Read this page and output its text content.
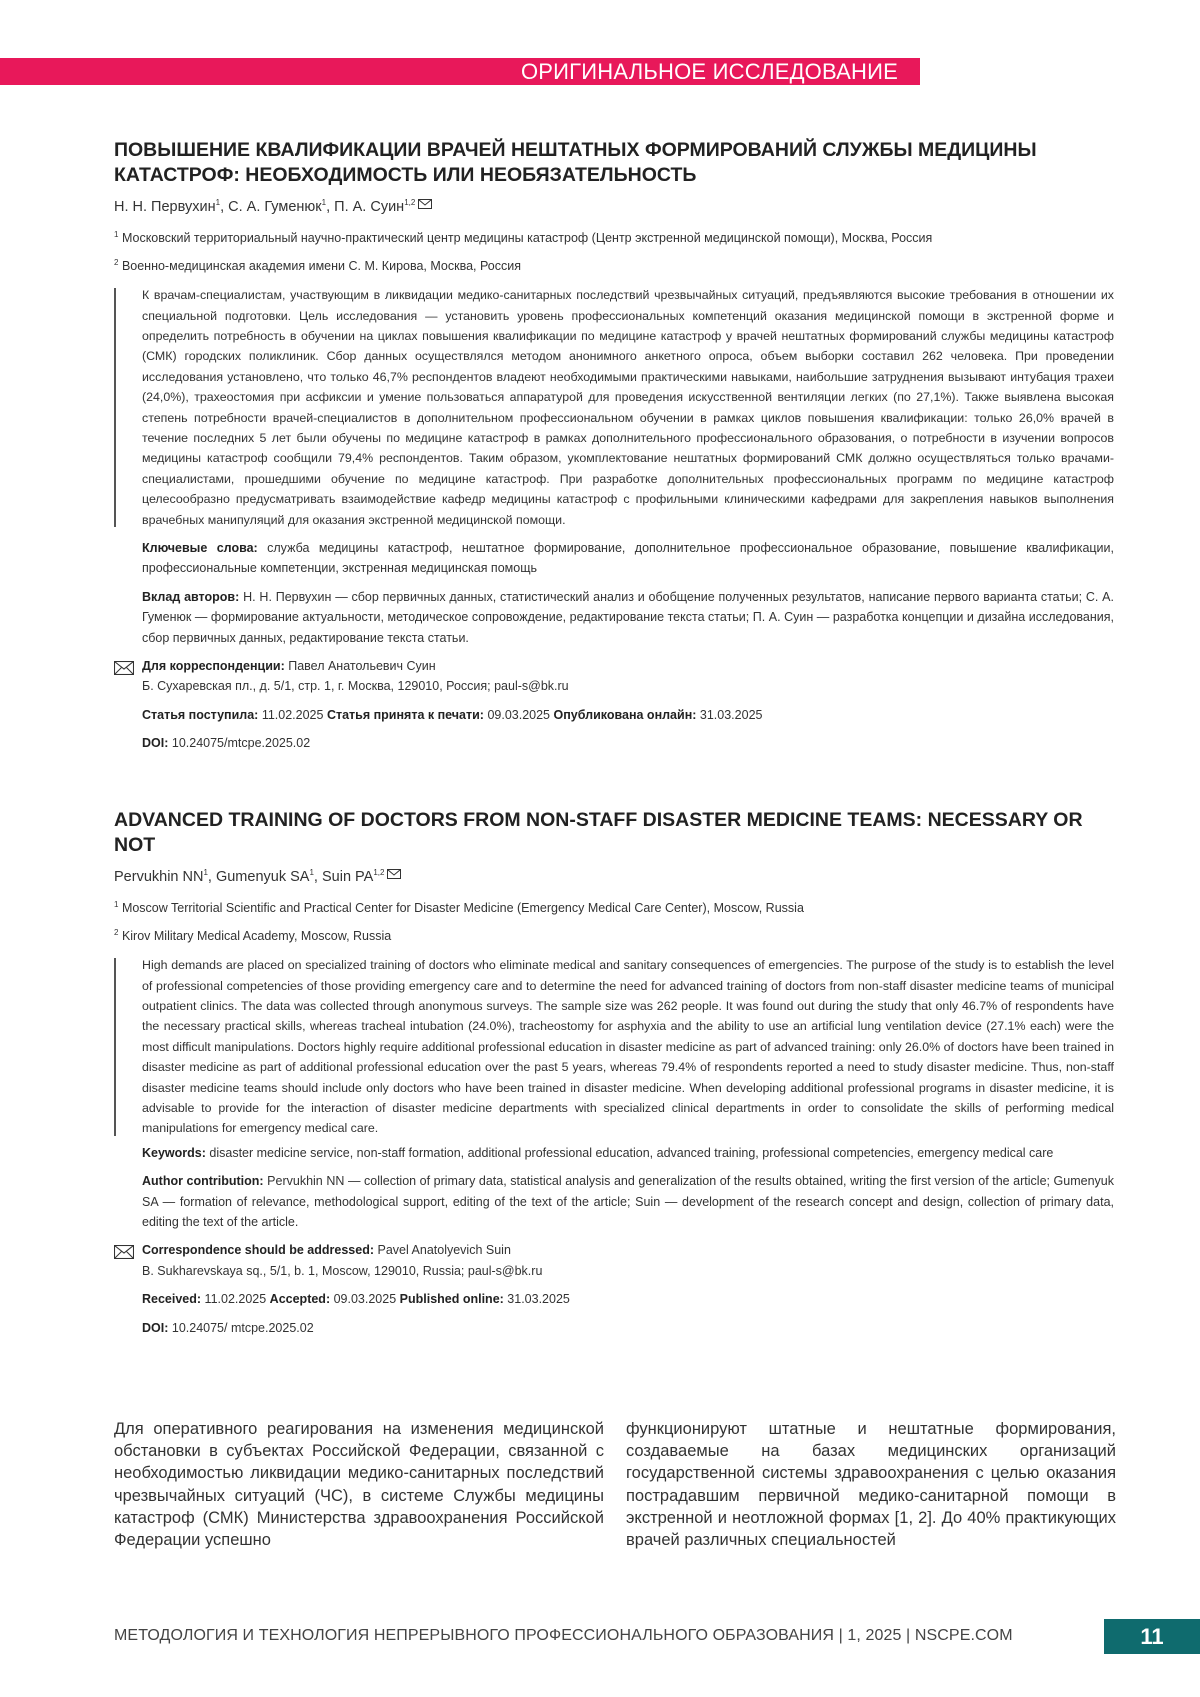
ОРИГИНАЛЬНОЕ ИССЛЕДОВАНИЕ
ПОВЫШЕНИЕ КВАЛИФИКАЦИИ ВРАЧЕЙ НЕШТАТНЫХ ФОРМИРОВАНИЙ СЛУЖБЫ МЕДИЦИНЫ КАТАСТРОФ: НЕОБХОДИМОСТЬ ИЛИ НЕОБЯЗАТЕЛЬНОСТЬ
Н. Н. Первухин1, С. А. Гуменюк1, П. А. Суин1,2
1 Московский территориальный научно-практический центр медицины катастроф (Центр экстренной медицинской помощи), Москва, Россия
2 Военно-медицинская академия имени С. М. Кирова, Москва, Россия
К врачам-специалистам, участвующим в ликвидации медико-санитарных последствий чрезвычайных ситуаций, предъявляются высокие требования в отношении их специальной подготовки. Цель исследования — установить уровень профессиональных компетенций оказания медицинской помощи в экстренной форме и определить потребность в обучении на циклах повышения квалификации по медицине катастроф у врачей нештатных формирований службы медицины катастроф (СМК) городских поликлиник. Сбор данных осуществлялся методом анонимного анкетного опроса, объем выборки составил 262 человека. При проведении исследования установлено, что только 46,7% респондентов владеют необходимыми практическими навыками, наибольшие затруднения вызывают интубация трахеи (24,0%), трахеостомия при асфиксии и умение пользоваться аппаратурой для проведения искусственной вентиляции легких (по 27,1%). Также выявлена высокая степень потребности врачей-специалистов в дополнительном профессиональном обучении в рамках циклов повышения квалификации: только 26,0% врачей в течение последних 5 лет были обучены по медицине катастроф в рамках дополнительного профессионального образования, о потребности в изучении вопросов медицины катастроф сообщили 79,4% респондентов. Таким образом, укомплектование нештатных формирований СМК должно осуществляться только врачами-специалистами, прошедшими обучение по медицине катастроф. При разработке дополнительных профессиональных программ по медицине катастроф целесообразно предусматривать взаимодействие кафедр медицины катастроф с профильными клиническими кафедрами для закрепления навыков выполнения врачебных манипуляций для оказания экстренной медицинской помощи.
Ключевые слова: служба медицины катастроф, нештатное формирование, дополнительное профессиональное образование, повышение квалификации, профессиональные компетенции, экстренная медицинская помощь
Вклад авторов: Н. Н. Первухин — сбор первичных данных, статистический анализ и обобщение полученных результатов, написание первого варианта статьи; С. А. Гуменюк — формирование актуальности, методическое сопровождение, редактирование текста статьи; П. А. Суин — разработка концепции и дизайна исследования, сбор первичных данных, редактирование текста статьи.
Для корреспонденции: Павел Анатольевич Суин
Б. Сухаревская пл., д. 5/1, стр. 1, г. Москва, 129010, Россия; paul-s@bk.ru
Статья поступила: 11.02.2025 Статья принята к печати: 09.03.2025 Опубликована онлайн: 31.03.2025
DOI: 10.24075/mtcpe.2025.02
ADVANCED TRAINING OF DOCTORS FROM NON-STAFF DISASTER MEDICINE TEAMS: NECESSARY OR NOT
Pervukhin NN1, Gumenyuk SA1, Suin PA1,2
1 Moscow Territorial Scientific and Practical Center for Disaster Medicine (Emergency Medical Care Center), Moscow, Russia
2 Kirov Military Medical Academy, Moscow, Russia
High demands are placed on specialized training of doctors who eliminate medical and sanitary consequences of emergencies. The purpose of the study is to establish the level of professional competencies of those providing emergency care and to determine the need for advanced training of doctors from non-staff disaster medicine teams of municipal outpatient clinics. The data was collected through anonymous surveys. The sample size was 262 people. It was found out during the study that only 46.7% of respondents have the necessary practical skills, whereas tracheal intubation (24.0%), tracheostomy for asphyxia and the ability to use an artificial lung ventilation device (27.1% each) were the most difficult manipulations. Doctors highly require additional professional education in disaster medicine as part of advanced training: only 26.0% of doctors have been trained in disaster medicine as part of additional professional education over the past 5 years, whereas 79.4% of respondents reported a need to study disaster medicine. Thus, non-staff disaster medicine teams should include only doctors who have been trained in disaster medicine. When developing additional professional programs in disaster medicine, it is advisable to provide for the interaction of disaster medicine departments with specialized clinical departments in order to consolidate the skills of performing medical manipulations for emergency medical care.
Keywords: disaster medicine service, non-staff formation, additional professional education, advanced training, professional competencies, emergency medical care
Author contribution: Pervukhin NN — collection of primary data, statistical analysis and generalization of the results obtained, writing the first version of the article; Gumenyuk SA — formation of relevance, methodological support, editing of the text of the article; Suin — development of the research concept and design, collection of primary data, editing the text of the article.
Correspondence should be addressed: Pavel Anatolyevich Suin
B. Sukharevskaya sq., 5/1, b. 1, Moscow, 129010, Russia; paul-s@bk.ru
Received: 11.02.2025 Accepted: 09.03.2025 Published online: 31.03.2025
DOI: 10.24075/ mtcpe.2025.02
Для оперативного реагирования на изменения медицинской обстановки в субъектах Российской Федерации, связанной с необходимостью ликвидации медико-санитарных последствий чрезвычайных ситуаций (ЧС), в системе Службы медицины катастроф (СМК) Министерства здравоохранения Российской Федерации успешно
функционируют штатные и нештатные формирования, создаваемые на базах медицинских организаций государственной системы здравоохранения с целью оказания пострадавшим первичной медико-санитарной помощи в экстренной и неотложной формах [1, 2]. До 40% практикующих врачей различных специальностей
МЕТОДОЛОГИЯ И ТЕХНОЛОГИЯ НЕПРЕРЫВНОГО ПРОФЕССИОНАЛЬНОГО ОБРАЗОВАНИЯ | 1, 2025 | NSCPE.COM	11
